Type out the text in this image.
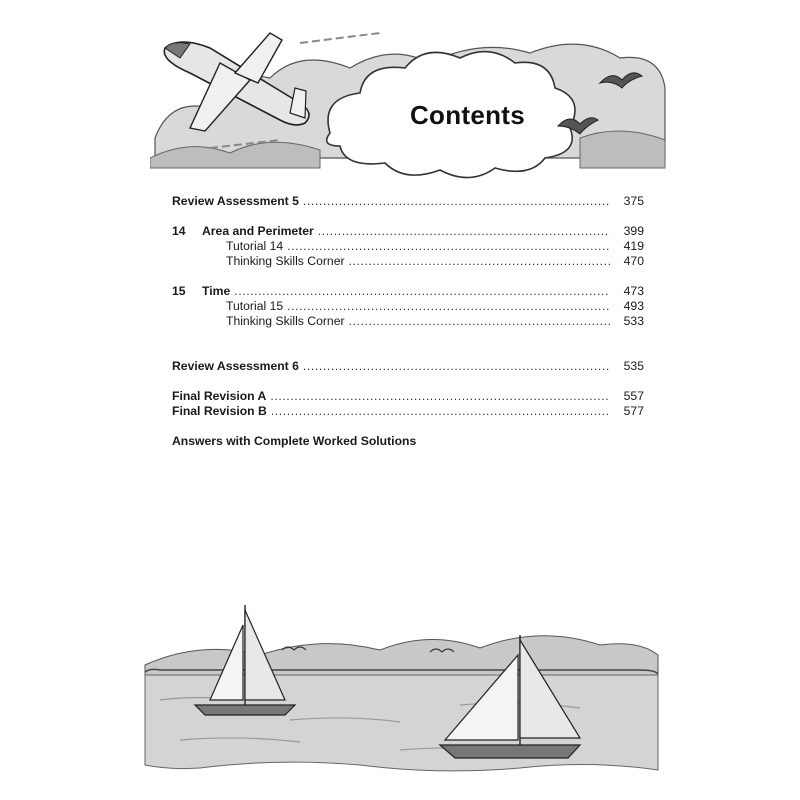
Contents
Review Assessment 5 .....	375
14	Area and Perimeter .....	399
Tutorial 14 .....	419
Thinking Skills Corner .....	470
15	Time .....	473
Tutorial 15 .....	493
Thinking Skills Corner .....	533
Review Assessment 6 .....	535
Final Revision A .....	557
Final Revision B .....	577
Answers with Complete Worked Solutions
